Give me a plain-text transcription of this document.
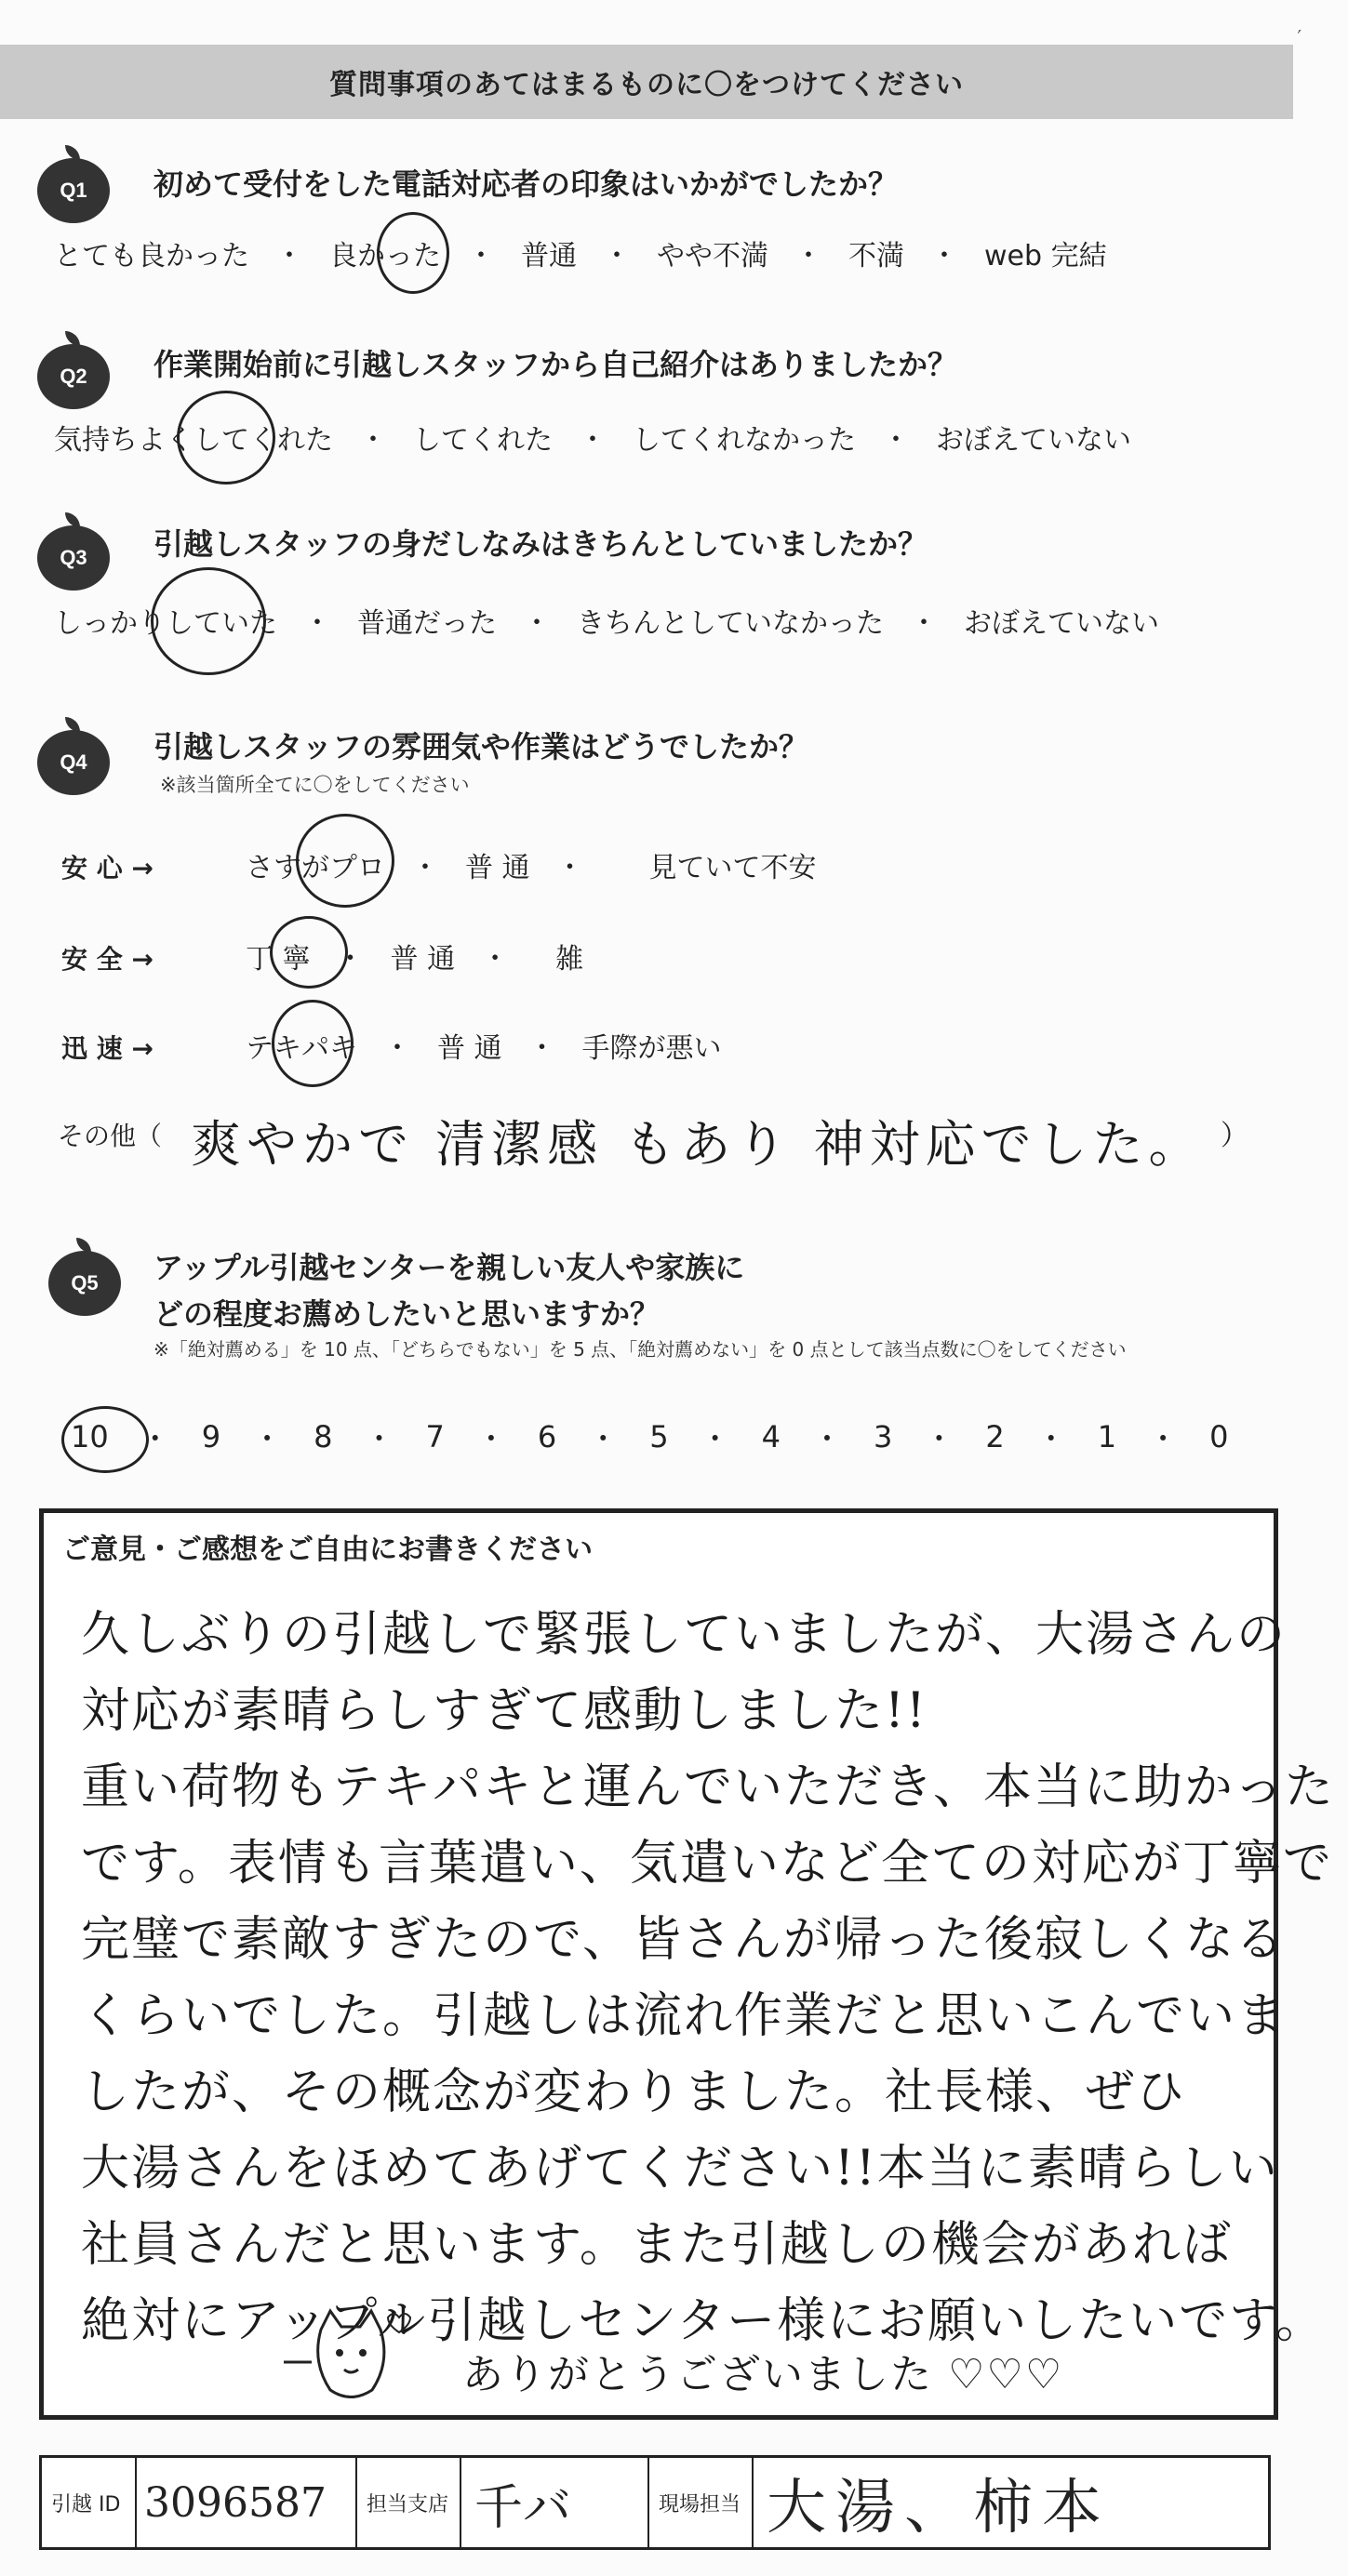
′
質問事項のあてはまるものに〇をつけてください
Q1 初めて受付をした電話対応者の印象はいかがでしたか？
とても良かった ・ 良かった ・ 普通 ・ やや不満 ・ 不満 ・ web 完結
Q2 作業開始前に引越しスタッフから自己紹介はありましたか？
気持ちよくしてくれた ・ してくれた ・ してくれなかった ・ おぼえていない
Q3 引越しスタッフの身だしなみはきちんとしていましたか？
しっかりしていた ・ 普通だった ・ きちんとしていなかった ・ おぼえていない
Q4 引越しスタッフの雰囲気や作業はどうでしたか？
※該当箇所全てに〇をしてください
安 心 →	さすがプロ ・ 普 通 ・ 見ていて不安
安 全 →	丁 寧 ・ 普 通 ・ 雑
迅 速 →	テキパキ ・ 普 通 ・ 手際が悪い
その他（ 爽やかで 清潔感 もあり 神対応でした。 ）
Q5 アップル引越センターを親しい友人や家族に
どの程度お薦めしたいと思いますか？
※「絶対薦める」を 10 点、「どちらでもない」を 5 点、「絶対薦めない」を 0 点として該当点数に〇をしてください
10 ・ 9 ・ 8 ・ 7 ・ 6 ・ 5 ・ 4 ・ 3 ・ 2 ・ 1 ・ 0
ご意見・ご感想をご自由にお書きください
久しぶりの引越しで緊張していましたが、大湯さんの
対応が素晴らしすぎて感動しました!!
重い荷物もテキパキと運んでいただき、本当に助かった
です。表情も言葉遣い、気遣いなど全ての対応が丁寧で
完璧で素敵すぎたので、皆さんが帰った後寂しくなる
くらいでした。引越しは流れ作業だと思いこんでいま
したが、その概念が変わりました。社長様、ぜひ
大湯さんをほめてあげてください!!本当に素晴らしい
社員さんだと思います。また引越しの機会があれば
絶対にアップル引越しセンター様にお願いしたいです。
ありがとうございました ♡♡♡
引越 ID 3096587	担当支店 千バ	現場担当 大湯、柿本
